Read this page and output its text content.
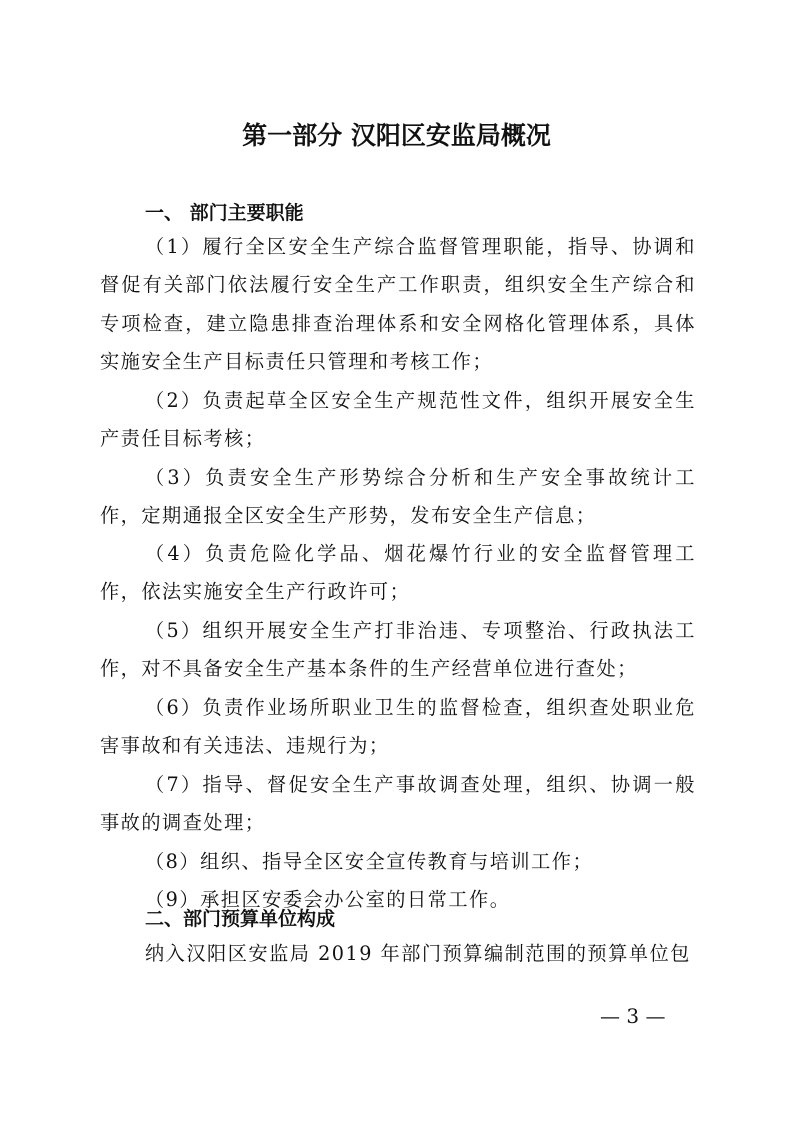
第一部分 汉阳区安监局概况
一、 部门主要职能
（1）履行全区安全生产综合监督管理职能，指导、协调和督促有关部门依法履行安全生产工作职责，组织安全生产综合和专项检查，建立隐患排查治理体系和安全网格化管理体系，具体实施安全生产目标责任只管理和考核工作；
（2）负责起草全区安全生产规范性文件，组织开展安全生产责任目标考核；
（3）负责安全生产形势综合分析和生产安全事故统计工作，定期通报全区安全生产形势，发布安全生产信息；
（4）负责危险化学品、烟花爆竹行业的安全监督管理工作，依法实施安全生产行政许可；
（5）组织开展安全生产打非治违、专项整治、行政执法工作，对不具备安全生产基本条件的生产经营单位进行查处；
（6）负责作业场所职业卫生的监督检查，组织查处职业危害事故和有关违法、违规行为；
（7）指导、督促安全生产事故调查处理，组织、协调一般事故的调查处理；
（8）组织、指导全区安全宣传教育与培训工作；
（9）承担区安委会办公室的日常工作。
二、部门预算单位构成
纳入汉阳区安监局 2019 年部门预算编制范围的预算单位包
— 3 —
